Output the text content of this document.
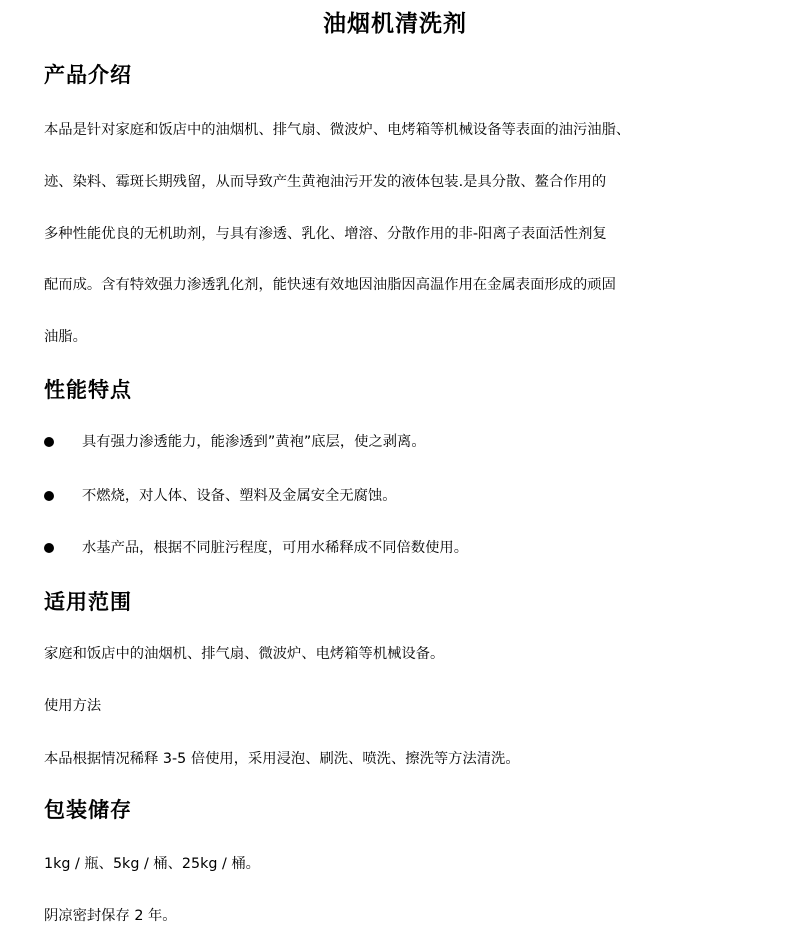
油烟机清洗剂
产品介绍
本品是针对家庭和饭店中的油烟机、排气扇、微波炉、电烤箱等机械设备等表面的油污油脂、
迹、染料、霉斑长期残留，从而导致产生黄袍油污开发的液体包装.是具分散、鳌合作用的
多种性能优良的无机助剂，与具有渗透、乳化、增溶、分散作用的非-阳离子表面活性剂复
配而成。含有特效强力渗透乳化剂，能快速有效地因油脂因高温作用在金属表面形成的顽固
油脂。
性能特点
具有强力渗透能力，能渗透到”黄袍”底层，使之剥离。
不燃烧，对人体、设备、塑料及金属安全无腐蚀。
水基产品，根据不同脏污程度，可用水稀释成不同倍数使用。
适用范围
家庭和饭店中的油烟机、排气扇、微波炉、电烤箱等机械设备。
使用方法
本品根据情况稀释 3-5 倍使用，采用浸泡、刷洗、喷洗、擦洗等方法清洗。
包装储存
1kg / 瓶、5kg / 桶、25kg / 桶。
阴凉密封保存 2 年。
